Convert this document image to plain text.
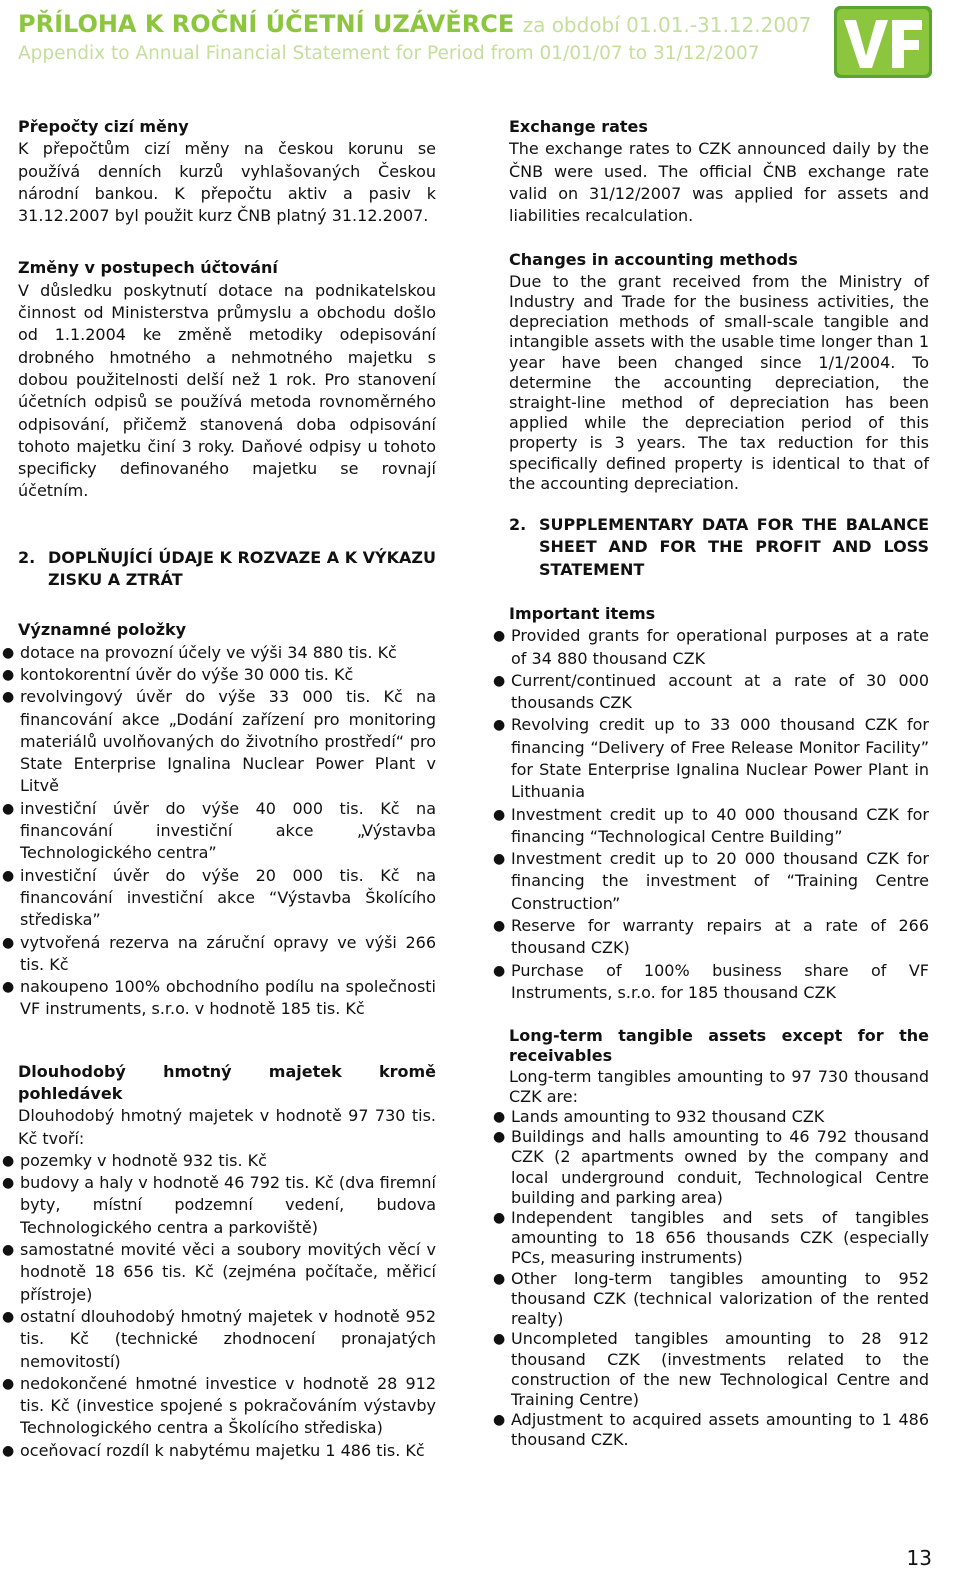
PŘÍLOHA K ROČNÍ ÚČETNÍ UZÁVĚRCE za období 01.01.-31.12.2007
Appendix to Annual Financial Statement for Period from 01/01/07 to 31/12/2007
Přepočty cizí měny

K přepočtům cizí měny na českou korunu se používá denních kurzů vyhlašovaných Českou národní bankou. K přepočtu aktiv a pasiv k 31.12.2007 byl použit kurz ČNB platný 31.12.2007.

Změny v postupech účtování

V důsledku poskytnutí dotace na podnikatelskou činnost od Ministerstva průmyslu a obchodu došlo od 1.1.2004 ke změně metodiky odepisování drobného hmotného a nehmotného majetku s dobou použitelnosti delší než 1 rok. Pro stanovení účetních odpisů se používá metoda rovnoměrného odpisování, přičemž stanovená doba odpisování tohoto majetku činí 3 roky. Daňové odpisy u tohoto specificky definovaného majetku se rovnají účetním.

2. DOPLŇUJÍCÍ ÚDAJE K ROZVAZE A K VÝKAZU ZISKU A ZTRÁT
Významné položky
● dotace na provozní účely ve výši 34 880 tis. Kč
● kontokorentní úvěr do výše 30 000 tis. Kč
● revolvingový úvěr do výše 33 000 tis. Kč na financování akce „Dodání zařízení pro monitoring materiálů uvolňovaných do životního prostředí“ pro State Enterprise Ignalina Nuclear Power Plant v Litvě
● investiční úvěr do výše 40 000 tis. Kč na financování investiční akce „Výstavba Technologického centra”
● investiční úvěr do výše 20 000 tis. Kč na financování investiční akce “Výstavba Školícího střediska”
● vytvořená rezerva na záruční opravy ve výši 266 tis. Kč
● nakoupeno 100% obchodního podílu na společnosti VF instruments, s.r.o. v hodnotě 185 tis. Kč
Dlouhodobý hmotný majetek kromě pohledávek

Dlouhodobý hmotný majetek v hodnotě 97 730 tis. Kč tvoří:

● pozemky v hodnotě 932 tis. Kč
● budovy a haly v hodnotě 46 792 tis. Kč (dva firemní byty, místní podzemní vedení, budova Technologického centra a parkoviště)
● samostatné movité věci a soubory movitých věcí v hodnotě 18 656 tis. Kč (zejména počítače, měřicí přístroje)
● ostatní dlouhodobý hmotný majetek v hodnotě 952 tis. Kč (technické zhodnocení pronajatých nemovitostí)
● nedokončené hmotné investice v hodnotě 28 912 tis. Kč (investice spojené s pokračováním výstavby Technologického centra a Školícího střediska)
● oceňovací rozdíl k nabytému majetku 1 486 tis. Kč
Exchange rates

The exchange rates to CZK announced daily by the ČNB were used. The official ČNB exchange rate valid on 31/12/2007 was applied for assets and liabilities recalculation.

Changes in accounting methods

Due to the grant received from the Ministry of Industry and Trade for the business activities, the depreciation methods of small-scale tangible and intangible assets with the usable time longer than 1 year have been changed since 1/1/2004. To determine the accounting depreciation, the straight-line method of depreciation has been applied while the depreciation period of this property is 3 years. The tax reduction for this specifically defined property is identical to that of the accounting depreciation.

2. SUPPLEMENTARY DATA FOR THE BALANCE SHEET AND FOR THE PROFIT AND LOSS STATEMENT
Important items
● Provided grants for operational purposes at a rate of 34 880 thousand CZK
● Current/continued account at a rate of 30 000 thousands CZK
● Revolving credit up to 33 000 thousand CZK for financing “Delivery of Free Release Monitor Facility” for State Enterprise Ignalina Nuclear Power Plant in Lithuania
● Investment credit up to 40 000 thousand CZK for financing “Technological Centre Building”
● Investment credit up to 20 000 thousand CZK for financing the investment of “Training Centre Construction”
● Reserve for warranty repairs at a rate of 266 thousand CZK)
● Purchase of 100% business share of VF Instruments, s.r.o. for 185 thousand CZK
Long-term tangible assets except for the receivables

Long-term tangibles amounting to 97 730 thousand CZK are:

● Lands amounting to 932 thousand CZK
● Buildings and halls amounting to 46 792 thousand CZK (2 apartments owned by the company and local underground conduit, Technological Centre building and parking area)
● Independent tangibles and sets of tangibles amounting to 18 656 thousands CZK (especially PCs, measuring instruments)
● Other long-term tangibles amounting to 952 thousand CZK (technical valorization of the rented realty)
● Uncompleted tangibles amounting to 28 912 thousand CZK (investments related to the construction of the new Technological Centre and Training Centre)
● Adjustment to acquired assets amounting to 1 486 thousand CZK.
13
